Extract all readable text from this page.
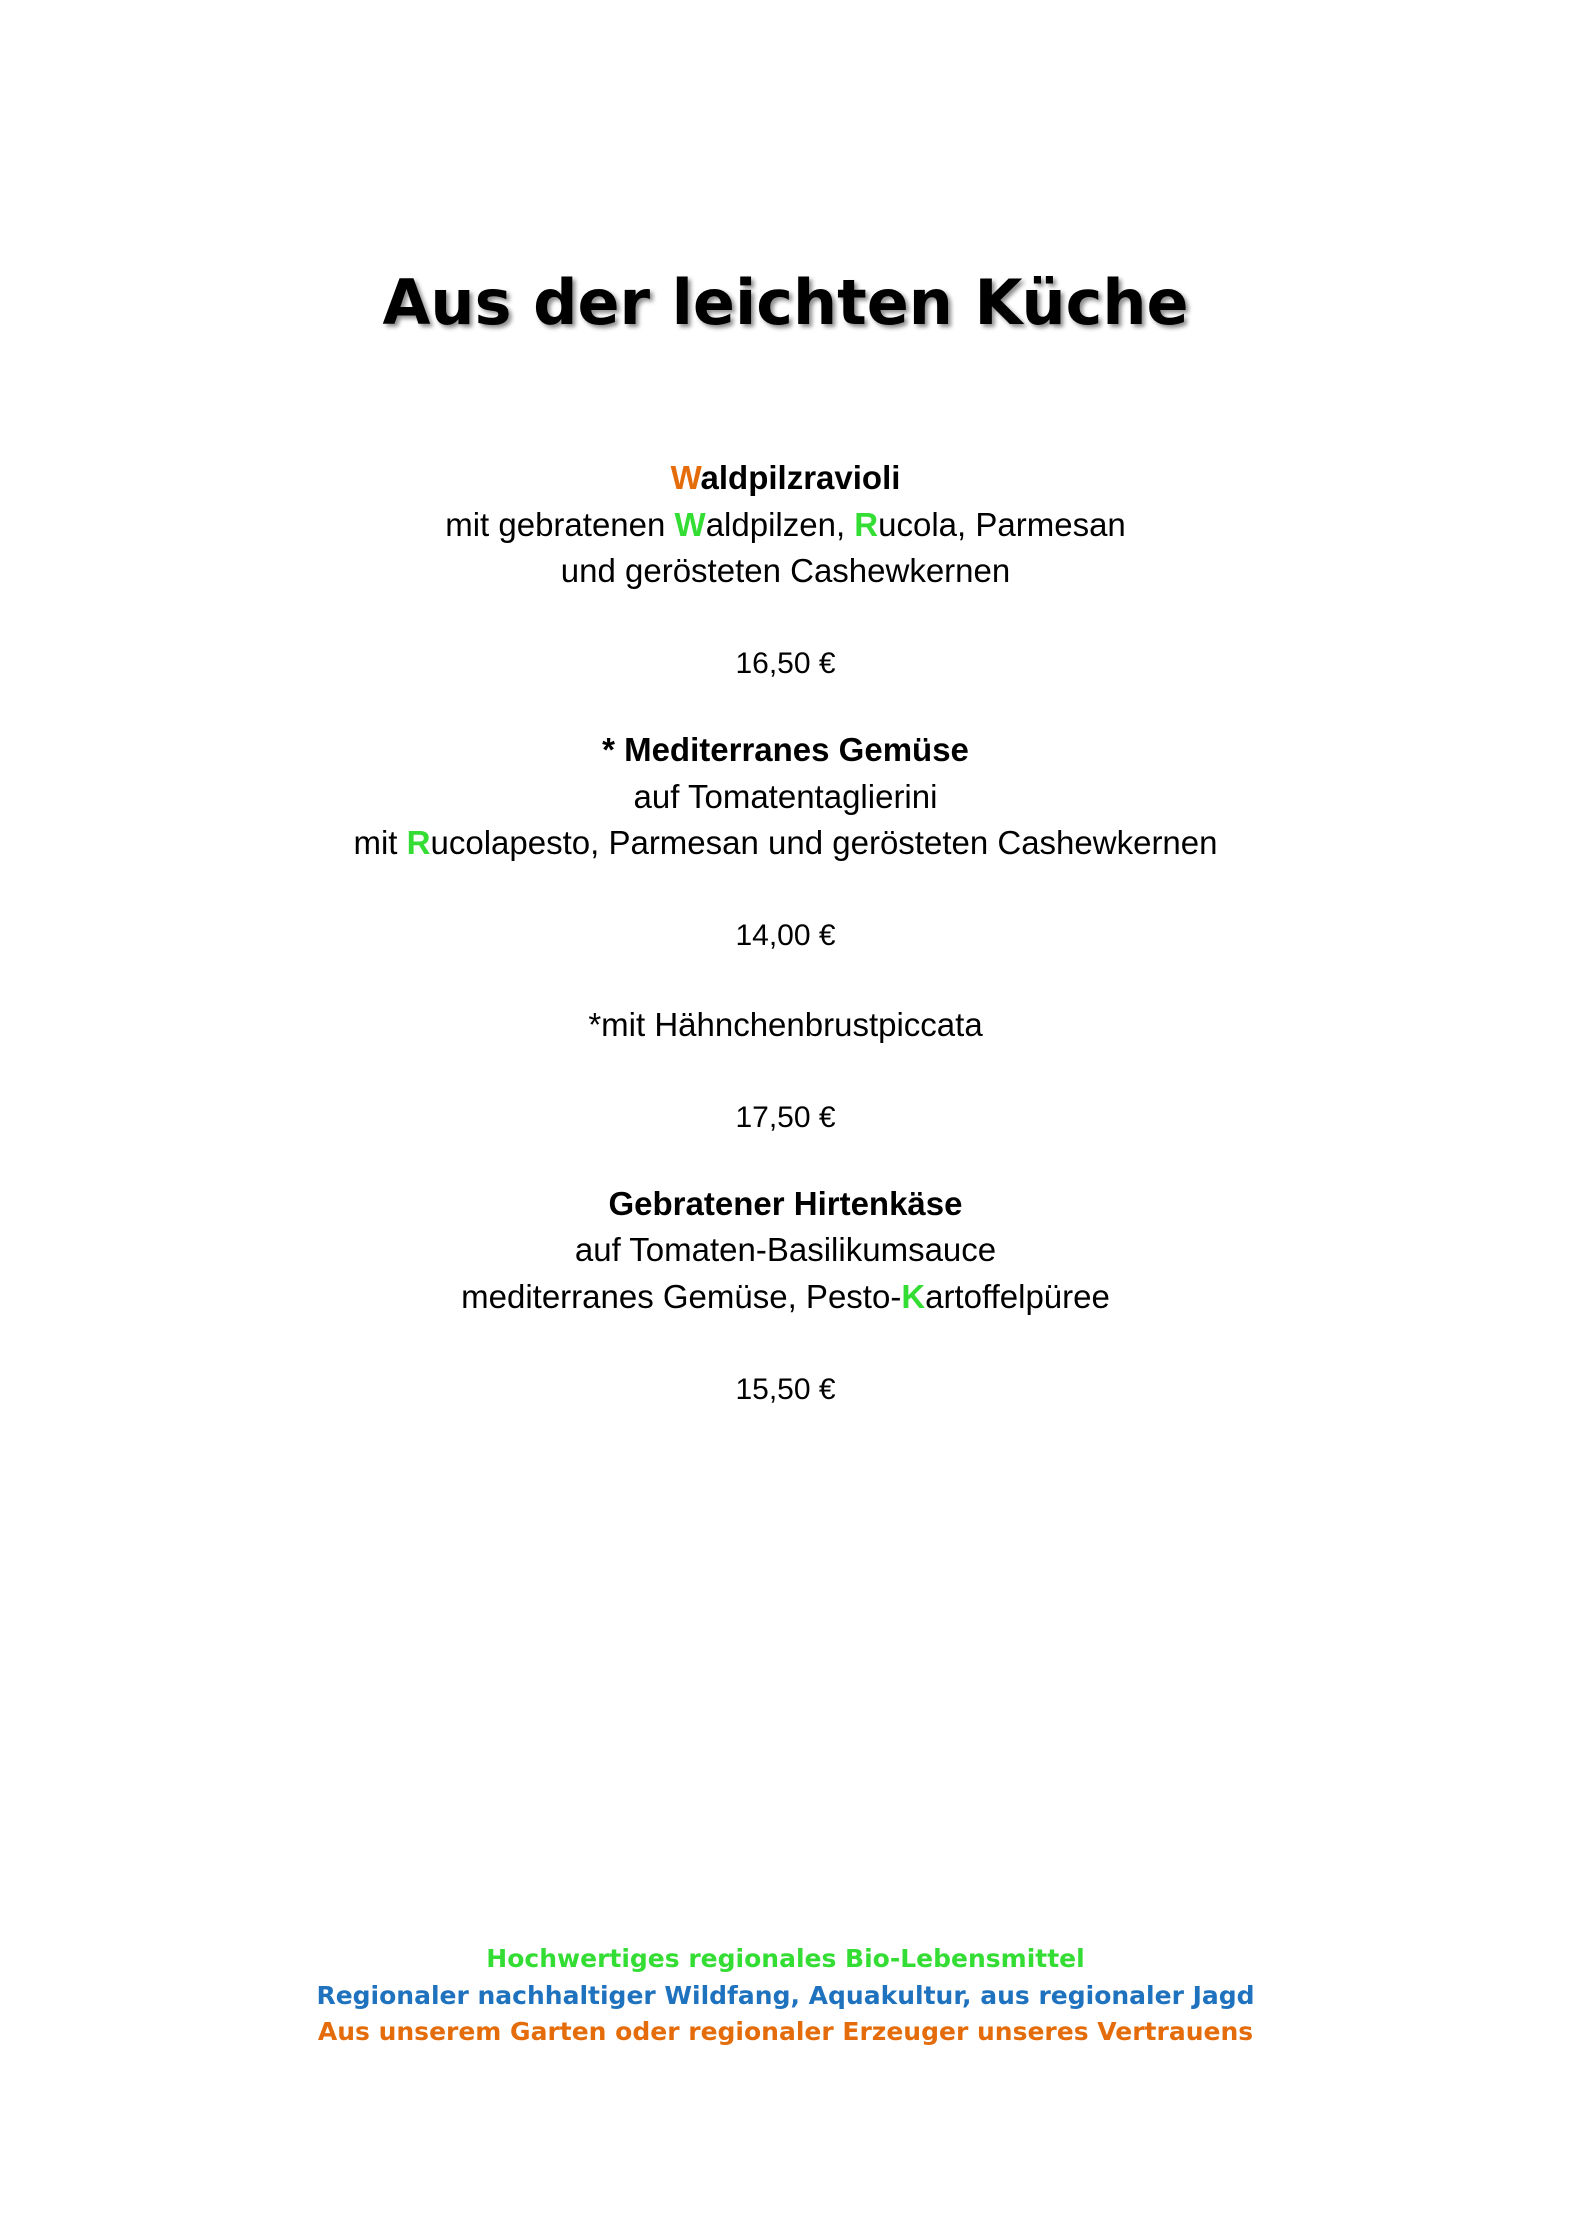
Aus der leichten Küche
Waldpilzravioli
mit gebratenen Waldpilzen, Rucola, Parmesan
und gerösteten Cashewkernen
16,50 €
* Mediterranes Gemüse
auf Tomatentaglierini
mit Rucolapesto, Parmesan und gerösteten Cashewkernen
14,00 €
*mit Hähnchenbrustpiccata
17,50 €
Gebratener Hirtenkäse
auf Tomaten-Basilikumsauce
mediterranes Gemüse, Pesto-Kartoffelpüree
15,50 €
Hochwertiges regionales Bio-Lebensmittel
Regionaler nachhaltiger Wildfang, Aquakultur, aus regionaler Jagd
Aus unserem Garten oder regionaler Erzeuger unseres Vertrauens
